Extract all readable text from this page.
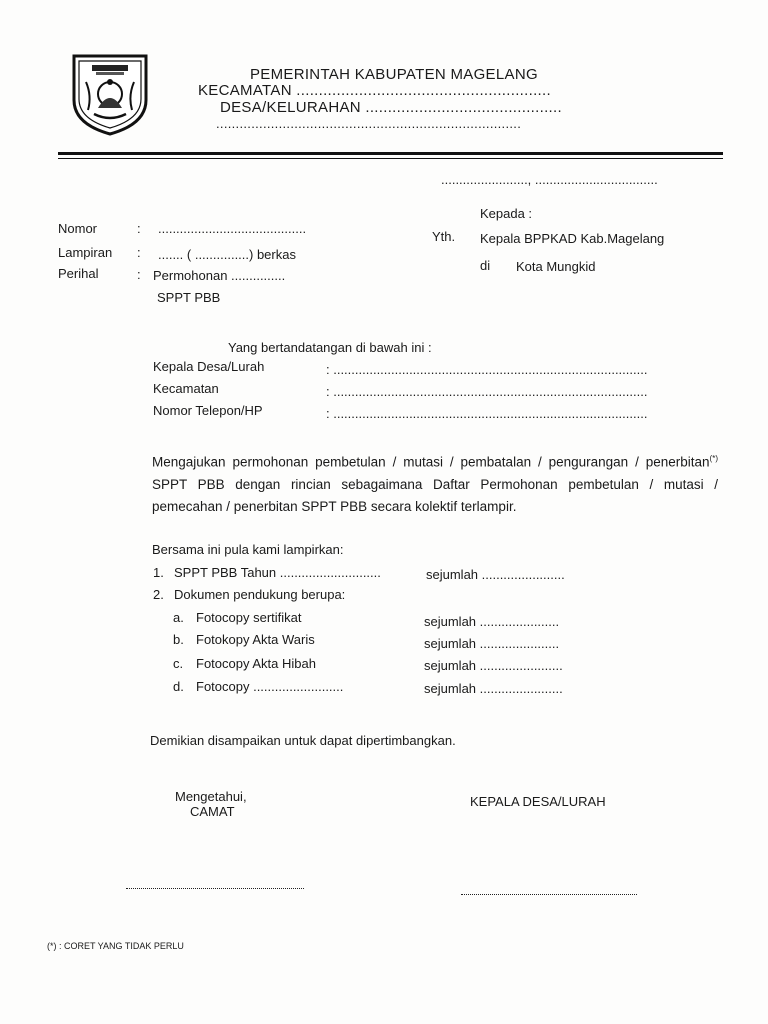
PEMERINTAH KABUPATEN MAGELANG
KECAMATAN .........................................................
DESA/KELURAHAN ............................................
..............................................................................
........................, ..................................
Kepada :
Yth. Kepala BPPKAD Kab.Magelang
di Kota Mungkid
Nomor	: .........................................
Lampiran : ....... ( ...............) berkas
Perihal	: Permohonan ...............
SPPT PBB
Yang bertandatangan di bawah ini :
Kepala Desa/Lurah	: .......................................................................................
Kecamatan	: .......................................................................................
Nomor Telepon/HP	: .......................................................................................
Mengajukan permohonan pembetulan / mutasi / pembatalan / pengurangan / penerbitan(*) SPPT PBB dengan rincian sebagaimana Daftar Permohonan pembetulan / mutasi / pemecahan / penerbitan SPPT PBB secara kolektif terlampir.
Bersama ini pula kami lampirkan:
1. SPPT PBB Tahun ............................	sejumlah .......................
2. Dokumen pendukung berupa:
a. Fotocopy sertifikat	sejumlah ......................
b. Fotokopy Akta Waris	sejumlah ......................
c. Fotocopy Akta Hibah	sejumlah .......................
d. Fotocopy .........................	sejumlah .......................
Demikian disampaikan untuk dapat dipertimbangkan.
Mengetahui,
CAMAT
KEPALA DESA/LURAH
(*) : CORET YANG TIDAK PERLU
